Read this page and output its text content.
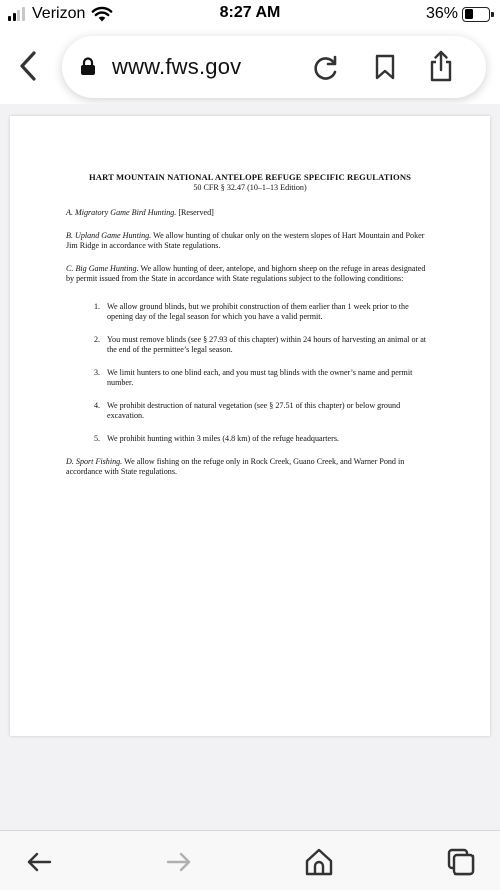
Verizon	8:27 AM	36%
www.fws.gov
HART MOUNTAIN NATIONAL ANTELOPE REFUGE SPECIFIC REGULATIONS
50 CFR § 32.47 (10–1–13 Edition)

A. Migratory Game Bird Hunting. [Reserved]

B. Upland Game Hunting. We allow hunting of chukar only on the western slopes of Hart Mountain and Poker Jim Ridge in accordance with State regulations.

C. Big Game Hunting. We allow hunting of deer, antelope, and bighorn sheep on the refuge in areas designated by permit issued from the State in accordance with State regulations subject to the following conditions:

1. We allow ground blinds, but we prohibit construction of them earlier than 1 week prior to the opening day of the legal season for which you have a valid permit.
2. You must remove blinds (see § 27.93 of this chapter) within 24 hours of harvesting an animal or at the end of the permittee’s legal season.
3. We limit hunters to one blind each, and you must tag blinds with the owner’s name and permit number.
4. We prohibit destruction of natural vegetation (see § 27.51 of this chapter) or below ground excavation.
5. We prohibit hunting within 3 miles (4.8 km) of the refuge headquarters.

D. Sport Fishing. We allow fishing on the refuge only in Rock Creek, Guano Creek, and Warner Pond in accordance with State regulations.
